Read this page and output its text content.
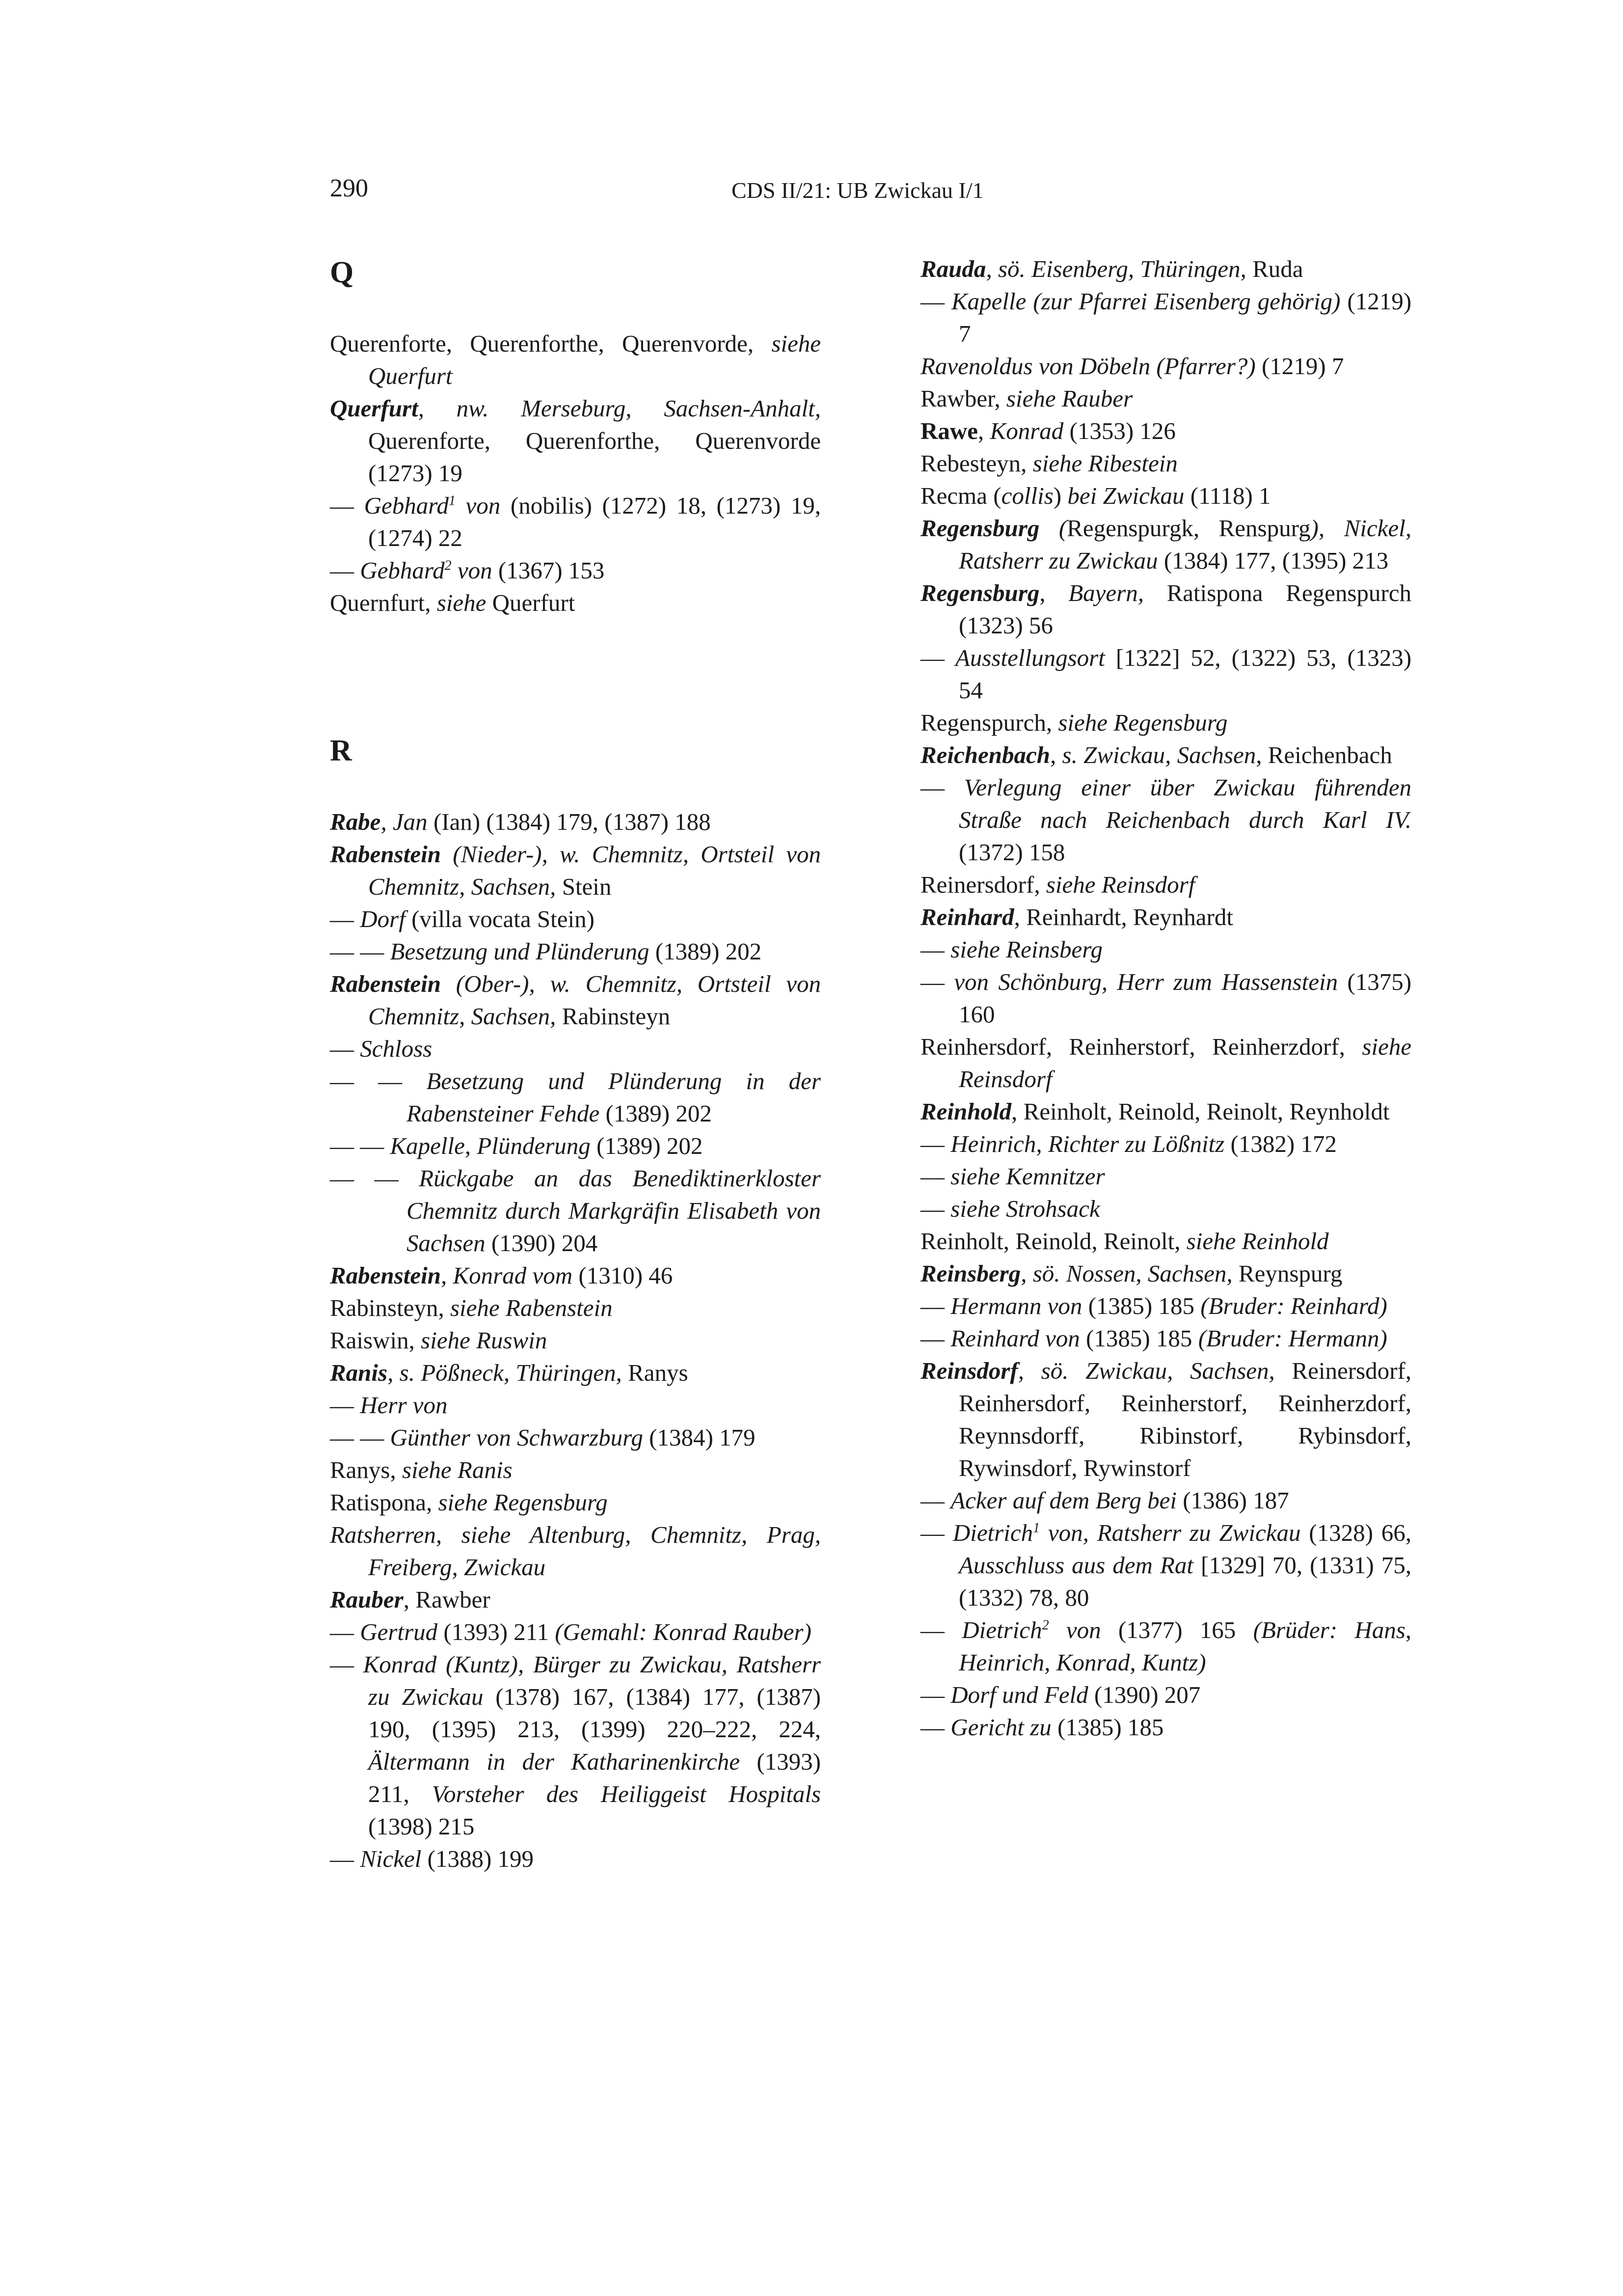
290	CDS II/21: UB Zwickau I/1
Q

Querenforte, Querenforthe, Querenvorde, siehe Querfurt

Querfurt, nw. Merseburg, Sachsen-Anhalt, Querenforte, Querenforthe, Querenvorde (1273) 19

— Gebhard$^1$ von (nobilis) (1272) 18, (1273) 19, (1274) 22

— Gebhard$^2$ von (1367) 153

Quernfurt, siehe Querfurt

R

Rabe, Jan (Ian) (1384) 179, (1387) 188

Rabenstein (Nieder-), w. Chemnitz, Ortsteil von Chemnitz, Sachsen, Stein

— Dorf (villa vocata Stein)

— — Besetzung und Plünderung (1389) 202

Rabenstein (Ober-), w. Chemnitz, Ortsteil von Chemnitz, Sachsen, Rabinsteyn

— Schloss

— — Besetzung und Plünderung in der Rabensteiner Fehde (1389) 202

— — Kapelle, Plünderung (1389) 202

— — Rückgabe an das Benediktinerkloster Chemnitz durch Markgräfin Elisabeth von Sachsen (1390) 204

Rabenstein, Konrad vom (1310) 46

Rabinsteyn, siehe Rabenstein

Raiswin, siehe Ruswin

Ranis, s. Pößneck, Thüringen, Ranys

— Herr von

— — Günther von Schwarzburg (1384) 179

Ranys, siehe Ranis

Ratispona, siehe Regensburg

Ratsherren, siehe Altenburg, Chemnitz, Prag, Freiberg, Zwickau

Rauber, Rawber

— Gertrud (1393) 211 (Gemahl: Konrad Rauber)

— Konrad (Kuntz), Bürger zu Zwickau, Ratsherr zu Zwickau (1378) 167, (1384) 177, (1387) 190, (1395) 213, (1399) 220–222, 224, Ältermann in der Katharinenkirche (1393) 211, Vorsteher des Heiliggeist Hospitals (1398) 215

— Nickel (1388) 199

Rauda, sö. Eisenberg, Thüringen, Ruda

— Kapelle (zur Pfarrei Eisenberg gehörig) (1219) 7

Ravenoldus von Döbeln (Pfarrer?) (1219) 7

Rawber, siehe Rauber

Rawe, Konrad (1353) 126

Rebesteyn, siehe Ribestein

Recma (collis) bei Zwickau (1118) 1

Regensburg (Regenspurgk, Renspurg), Nickel, Ratsherr zu Zwickau (1384) 177, (1395) 213

Regensburg, Bayern, Ratispona Regenspurch (1323) 56

— Ausstellungsort [1322] 52, (1322) 53, (1323) 54

Regenspurch, siehe Regensburg

Reichenbach, s. Zwickau, Sachsen, Reichenbach

— Verlegung einer über Zwickau führenden Straße nach Reichenbach durch Karl IV. (1372) 158

Reinersdorf, siehe Reinsdorf

Reinhard, Reinhardt, Reynhardt

— siehe Reinsberg

— von Schönburg, Herr zum Hassenstein (1375) 160

Reinhersdorf, Reinherstorf, Reinherzdorf, siehe Reinsdorf

Reinhold, Reinholt, Reinold, Reinolt, Reynholdt

— Heinrich, Richter zu Lößnitz (1382) 172

— siehe Kemnitzer

— siehe Strohsack

Reinholt, Reinold, Reinolt, siehe Reinhold

Reinsberg, sö. Nossen, Sachsen, Reynspurg

— Hermann von (1385) 185 (Bruder: Reinhard)

— Reinhard von (1385) 185 (Bruder: Hermann)

Reinsdorf, sö. Zwickau, Sachsen, Reinersdorf, Reinhersdorf, Reinherstorf, Reinherzdorf, Reynnsdorff, Ribinstorf, Rybinsdorf, Rywinsdorf, Rywinstorf

— Acker auf dem Berg bei (1386) 187

— Dietrich$^1$ von, Ratsherr zu Zwickau (1328) 66, Ausschluss aus dem Rat [1329] 70, (1331) 75, (1332) 78, 80

— Dietrich$^2$ von (1377) 165 (Brüder: Hans, Heinrich, Konrad, Kuntz)

— Dorf und Feld (1390) 207

— Gericht zu (1385) 185
